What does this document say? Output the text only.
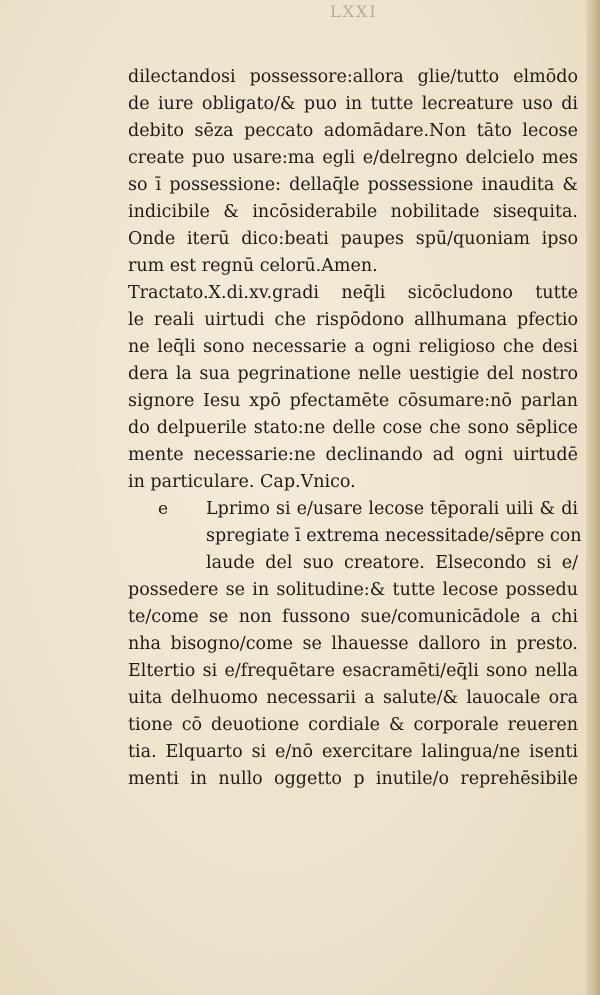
LXXI
dilectandosi possessore:allora glie/tutto elmōdo
de iure obligato/& puo in tutte lecreature uso di
debito sēza peccato adomādare.Non tāto lecose
create puo usare:ma egli e/delregno delcielo mes
so ī possessione: dellaq̄le possessione inaudita &
indicibile & incōsiderabile nobilitade sisequita.
Onde iterū dico:beati paupes spū/quoniam ipso
rum est regnū celorū.Amen.
Tractato.X.di.xv.gradi neq̄li sicōcludono tutte
le reali uirtudi che rispōdono allhumana pfectio
ne leq̄li sono necessarie a ogni religioso che desi
dera la sua pegrinatione nelle uestigie del nostro
signore Iesu xpō pfectamēte cōsumare:nō parlan
do delpuerile stato:ne delle cose che sono sēplice
mente necessarie:ne declinando ad ogni uirtudē
in particulare. Cap.Vnico.
e Lprimo si e/usare lecose tēporali uili & di
spregiate ī extrema necessitade/sēpre con
laude del suo creatore. Elsecondo si e/
possedere se in solitudine:& tutte lecose possedu
te/come se non fussono sue/comunicādole a chi
nha bisogno/come se lhauesse dalloro in presto.
Eltertio si e/frequētare esacramēti/eq̄li sono nella
uita delhuomo necessarii a salute/& lauocale ora
tione cō deuotione cordiale & corporale reueren
tia. Elquarto si e/nō exercitare lalingua/ne isenti
menti in nullo oggetto p inutile/o reprehēsibile
